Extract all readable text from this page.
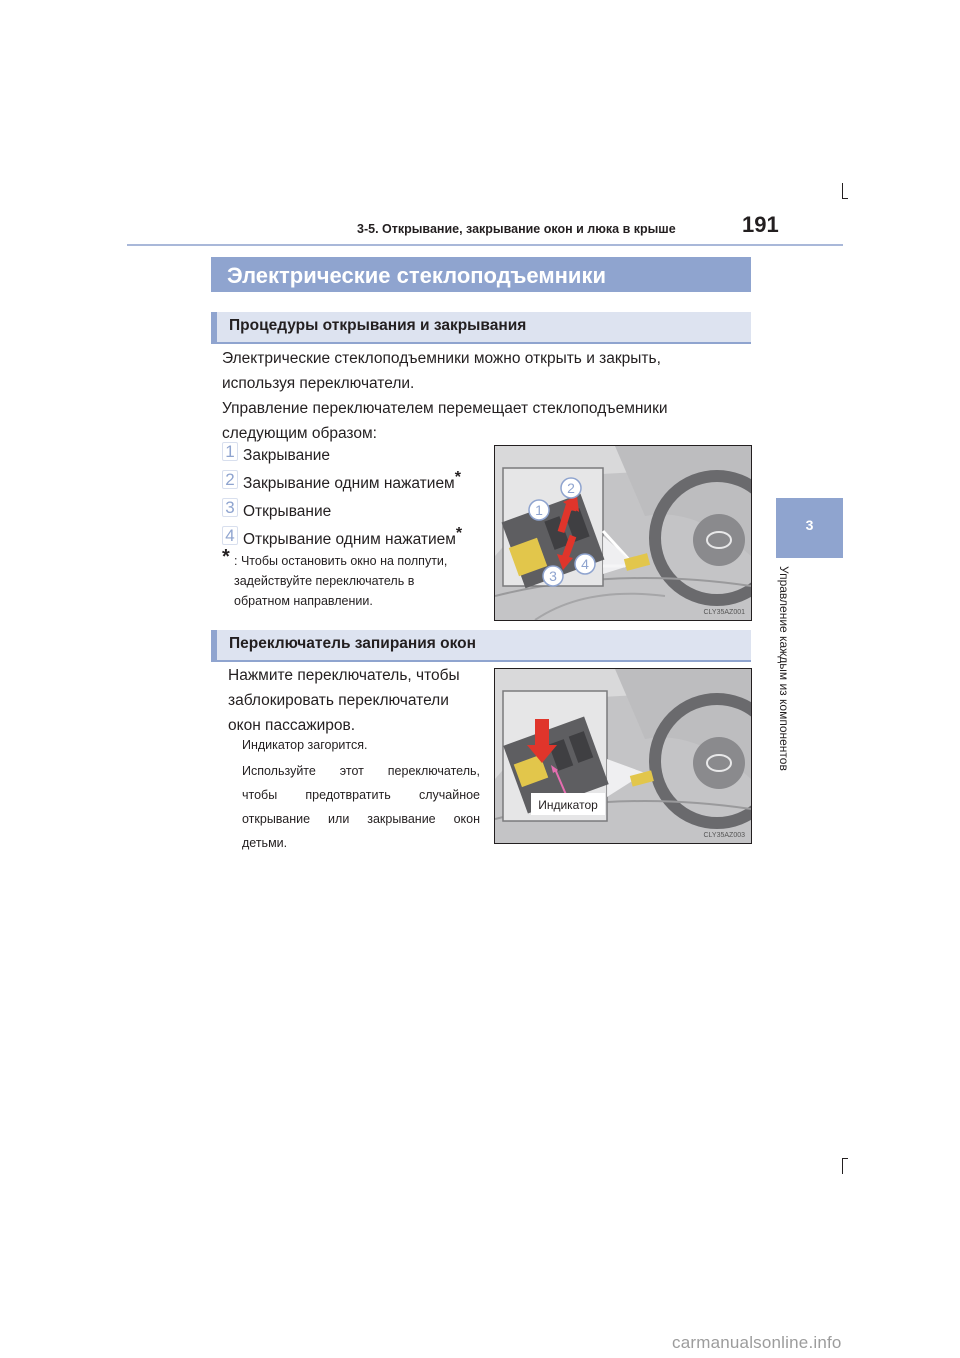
3-5. Открывание, закрывание окон и люка в крыше	191
3
Управление каждым из компонентов
Электрические стеклоподъемники
Процедуры открывания и закрывания
Электрические стеклоподъемники можно открыть и закрыть,
используя переключатели.
Управление переключателем перемещает стеклоподъемники
следующим образом:
1 Закрывание
2 Закрывание одним нажатием*
3 Открывание
4 Открывание одним нажатием*
* : Чтобы остановить окно на полпути,
задействуйте переключатель в
обратном направлении.
1
2
3
4
CLY35AZ001
Переключатель запирания окон
Нажмите переключатель, чтобы
заблокировать переключатели
окон пассажиров.
Индикатор загорится.
Используйте этот переключатель,
чтобы предотвратить случайное
открывание или закрывание окон
детьми.
Индикатор
CLY35AZ003
carmanualsonline.info
